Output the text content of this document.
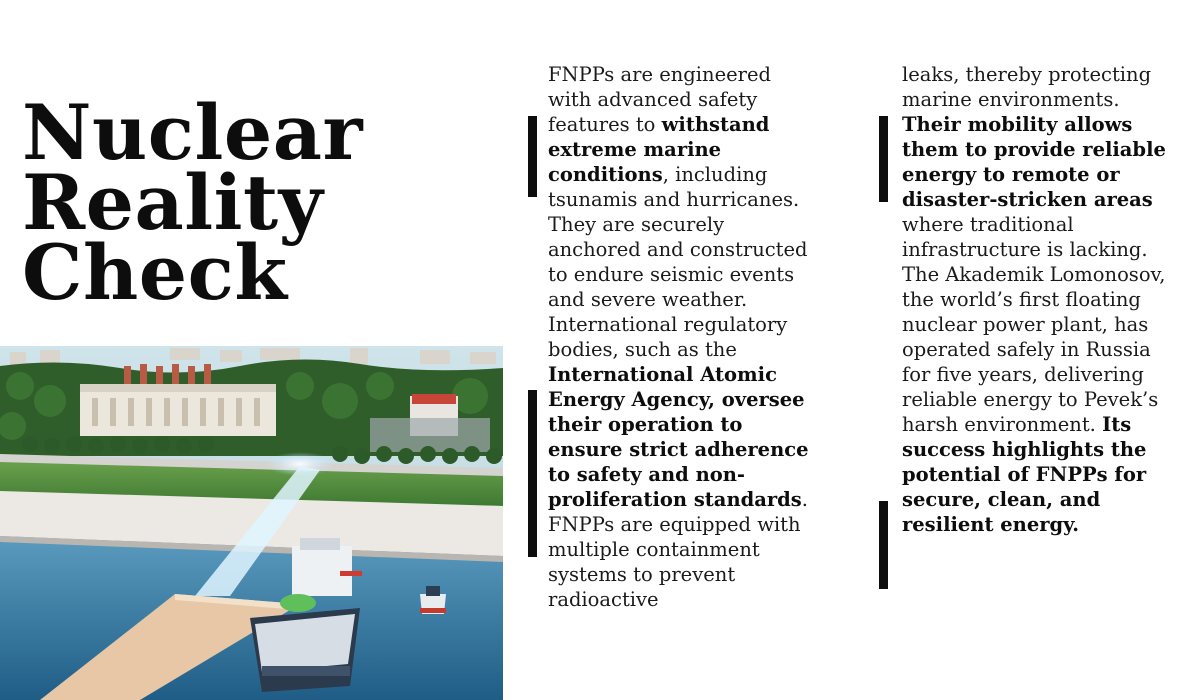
Nuclear
Reality
Check

FNPPs are engineered with advanced safety features to withstand extreme marine conditions, including tsunamis and hurricanes. They are securely anchored and constructed to endure seismic events and severe weather. International regulatory bodies, such as the International Atomic Energy Agency, oversee their operation to ensure strict adherence to safety and non-proliferation standards. FNPPs are equipped with multiple containment systems to prevent radioactive

leaks, thereby protecting marine environments. Their mobility allows them to provide reliable energy to remote or disaster-stricken areas where traditional infrastructure is lacking. The Akademik Lomonosov, the world’s first floating nuclear power plant, has operated safely in Russia for five years, delivering reliable energy to Pevek’s harsh environment. Its success highlights the potential of FNPPs for secure, clean, and resilient energy.
